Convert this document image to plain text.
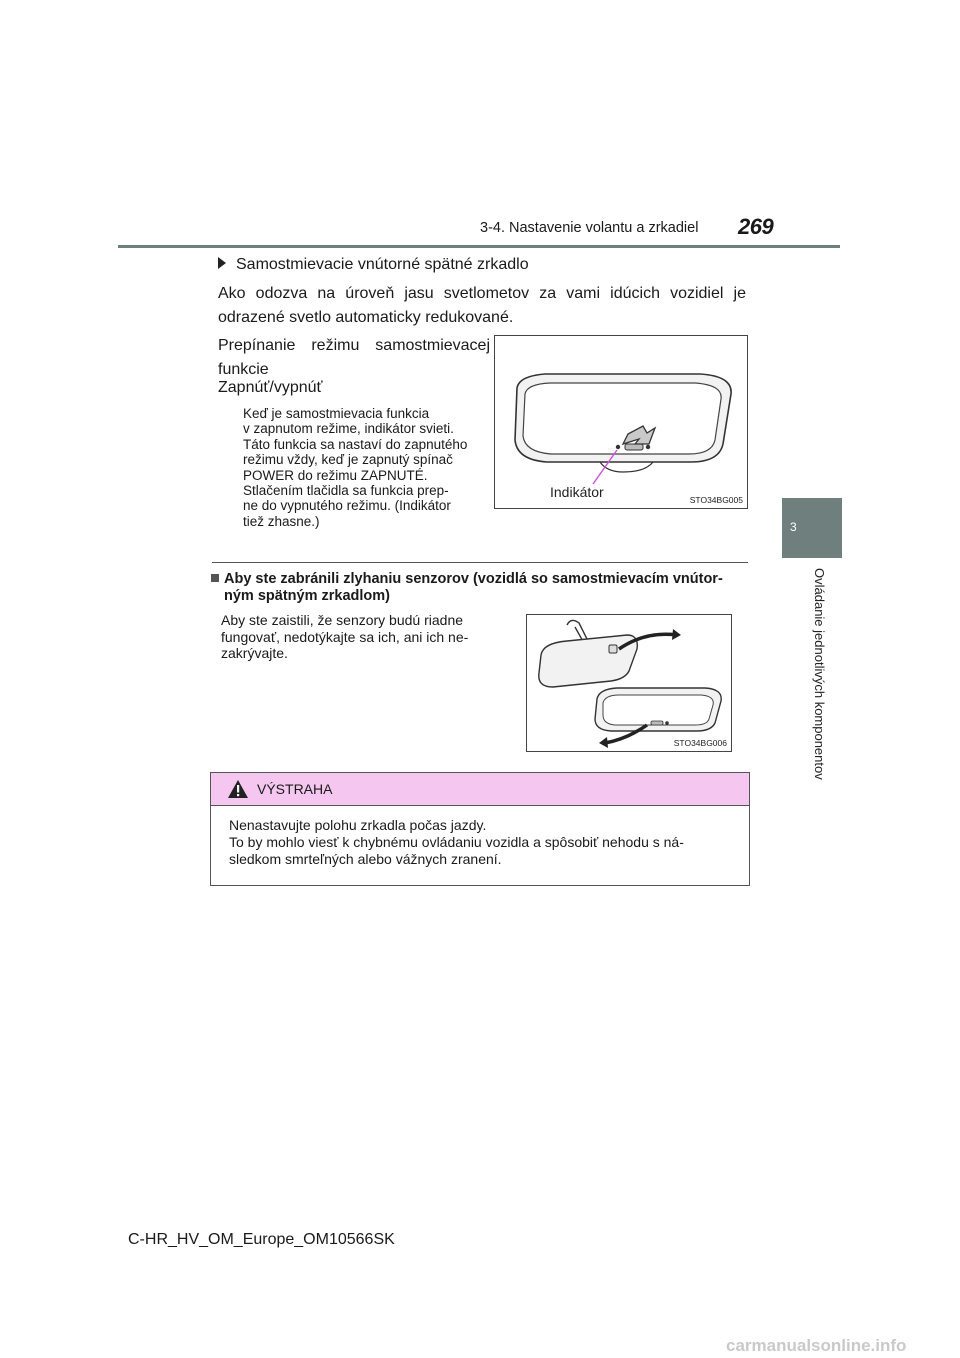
3-4. Nastavenie volantu a zrkadiel 269
3
Ovládanie jednotlivých komponentov
Samostmievacie vnútorné spätné zrkadlo
Ako odozva na úroveň jasu svetlometov za vami idúcich vozidiel je odrazené svetlo automaticky redukované.
Prepínanie režimu samostmievacej funkcie
Zapnúť/vypnúť
Keď je samostmievacia funkcia
v zapnutom režime, indikátor svieti.
Táto funkcia sa nastaví do zapnutého
režimu vždy, keď je zapnutý spínač
POWER do režimu ZAPNUTÉ.
Stlačením tlačidla sa funkcia prep-
ne do vypnutého režimu. (Indikátor
tiež zhasne.)
Indikátor	STO34BG005
Aby ste zabránili zlyhaniu senzorov (vozidlá so samostmievacím vnútor-
ným spätným zrkadlom)
Aby ste zaistili, že senzory budú riadne
fungovať, nedotýkajte sa ich, ani ich ne-
zakrývajte.
STO34BG006
VÝSTRAHA
Nenastavujte polohu zrkadla počas jazdy.
To by mohlo viesť k chybnému ovládaniu vozidla a spôsobiť nehodu s ná-
sledkom smrteľných alebo vážnych zranení.
C-HR_HV_OM_Europe_OM10566SK
carmanualsonline.info
